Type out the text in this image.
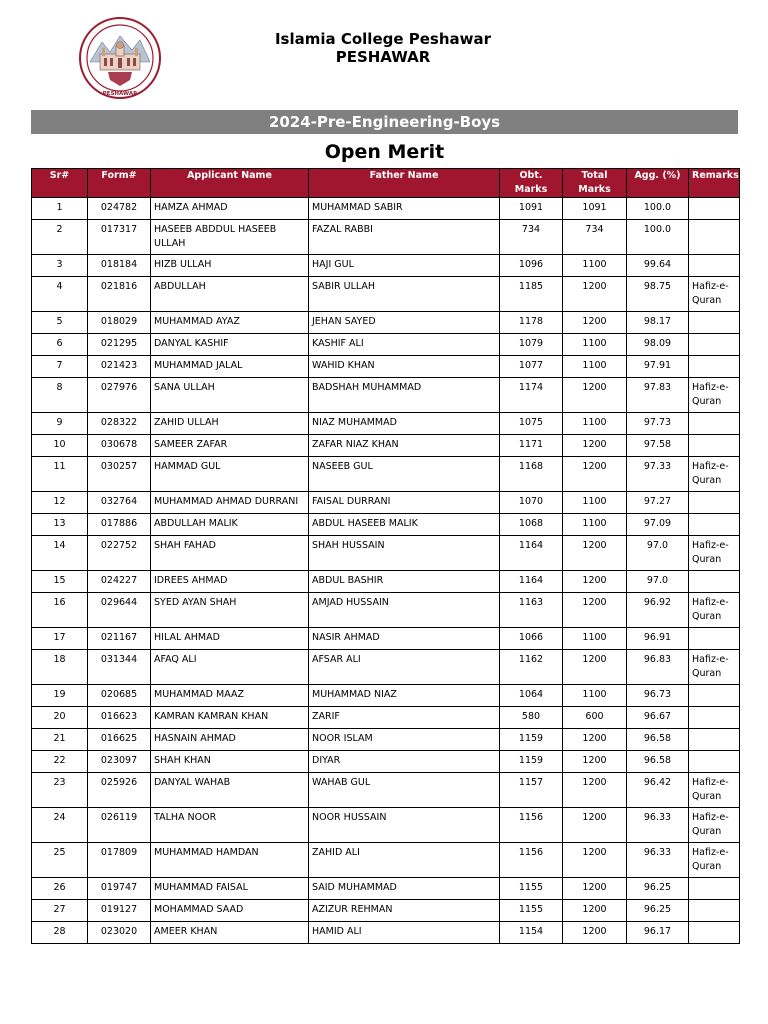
PESHAWAR
Islamia College Peshawar
PESHAWAR
2024-Pre-Engineering-Boys
Open Merit
Sr#	Form#	Applicant Name	Father Name	Obt. Marks	Total Marks	Agg. (%)	Remarks
1	024782	HAMZA AHMAD	MUHAMMAD SABIR	1091	1091	100.0	
2	017317	HASEEB ABDDUL HASEEB ULLAH	FAZAL RABBI	734	734	100.0	
3	018184	HIZB ULLAH	HAJI GUL	1096	1100	99.64	
4	021816	ABDULLAH	SABIR ULLAH	1185	1200	98.75	Hafiz-e-Quran
5	018029	MUHAMMAD AYAZ	JEHAN SAYED	1178	1200	98.17	
6	021295	DANYAL KASHIF	KASHIF ALI	1079	1100	98.09	
7	021423	MUHAMMAD JALAL	WAHID KHAN	1077	1100	97.91	
8	027976	SANA ULLAH	BADSHAH MUHAMMAD	1174	1200	97.83	Hafiz-e-Quran
9	028322	ZAHID ULLAH	NIAZ MUHAMMAD	1075	1100	97.73	
10	030678	SAMEER ZAFAR	ZAFAR NIAZ KHAN	1171	1200	97.58	
11	030257	HAMMAD GUL	NASEEB GUL	1168	1200	97.33	Hafiz-e-Quran
12	032764	MUHAMMAD AHMAD DURRANI	FAISAL DURRANI	1070	1100	97.27	
13	017886	ABDULLAH MALIK	ABDUL HASEEB MALIK	1068	1100	97.09	
14	022752	SHAH FAHAD	SHAH HUSSAIN	1164	1200	97.0	Hafiz-e-Quran
15	024227	IDREES AHMAD	ABDUL BASHIR	1164	1200	97.0	
16	029644	SYED AYAN SHAH	AMJAD HUSSAIN	1163	1200	96.92	Hafiz-e-Quran
17	021167	HILAL AHMAD	NASIR AHMAD	1066	1100	96.91	
18	031344	AFAQ ALI	AFSAR ALI	1162	1200	96.83	Hafiz-e-Quran
19	020685	MUHAMMAD MAAZ	MUHAMMAD NIAZ	1064	1100	96.73	
20	016623	KAMRAN KAMRAN KHAN	ZARIF	580	600	96.67	
21	016625	HASNAIN AHMAD	NOOR ISLAM	1159	1200	96.58	
22	023097	SHAH KHAN	DIYAR	1159	1200	96.58	
23	025926	DANYAL WAHAB	WAHAB GUL	1157	1200	96.42	Hafiz-e-Quran
24	026119	TALHA NOOR	NOOR HUSSAIN	1156	1200	96.33	Hafiz-e-Quran
25	017809	MUHAMMAD HAMDAN	ZAHID ALI	1156	1200	96.33	Hafiz-e-Quran
26	019747	MUHAMMAD FAISAL	SAID MUHAMMAD	1155	1200	96.25	
27	019127	MOHAMMAD SAAD	AZIZUR REHMAN	1155	1200	96.25	
28	023020	AMEER KHAN	HAMID ALI	1154	1200	96.17	
